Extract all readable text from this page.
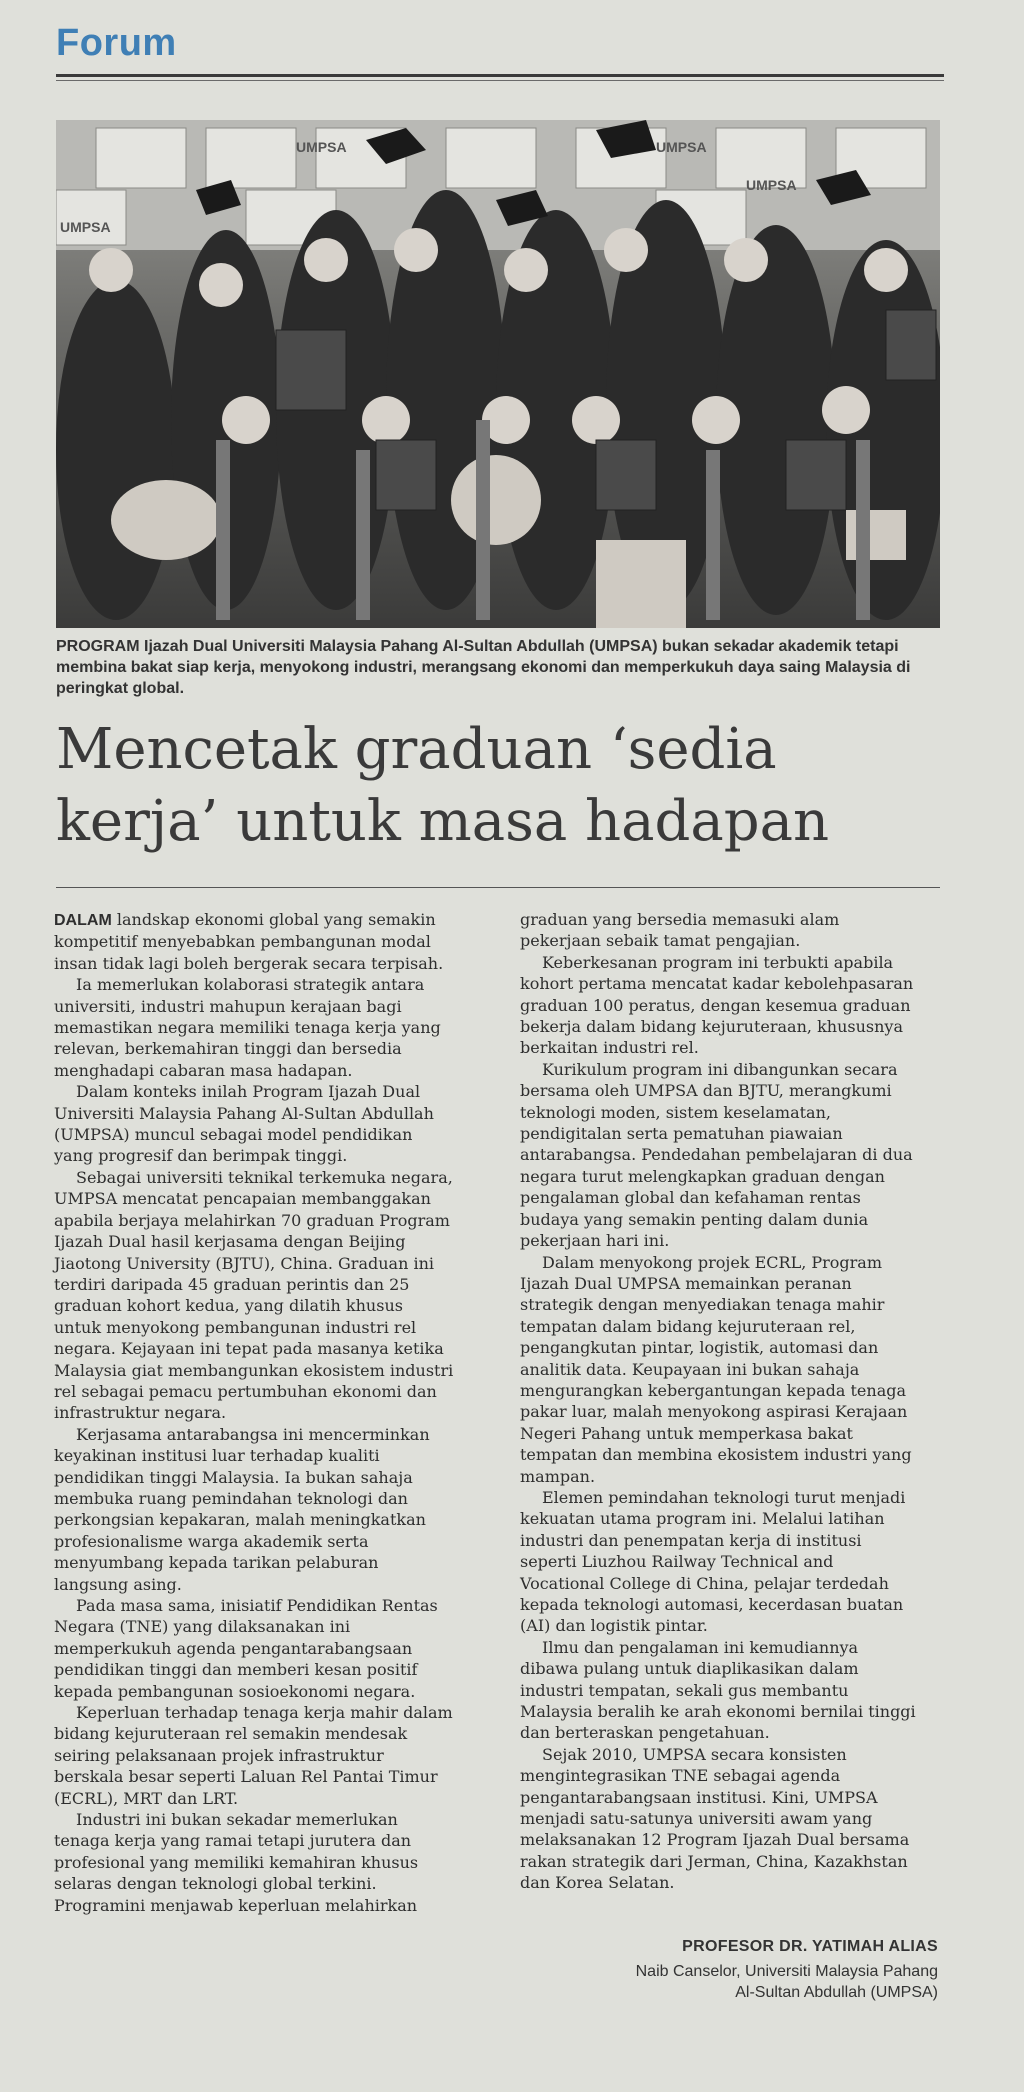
Forum
UMPSA	UMPSA
UMPSA
UMPSA
PROGRAM Ijazah Dual Universiti Malaysia Pahang Al-Sultan Abdullah (UMPSA) bukan sekadar akademik tetapi membina bakat siap kerja, menyokong industri, merangsang ekonomi dan memperkukuh daya saing Malaysia di peringkat global.
Mencetak graduan ‘sedia kerja’ untuk masa hadapan

DALAM landskap ekonomi global yang semakin kompetitif menyebabkan pembangunan modal insan tidak lagi boleh bergerak secara terpisah.

Ia memerlukan kolaborasi strategik antara universiti, industri mahupun kerajaan bagi memastikan negara memiliki tenaga kerja yang relevan, berkemahiran tinggi dan bersedia menghadapi cabaran masa hadapan.

Dalam konteks inilah Program Ijazah Dual Universiti Malaysia Pahang Al-Sultan Abdullah (UMPSA) muncul sebagai model pendidikan yang progresif dan berimpak tinggi.

Sebagai universiti teknikal terkemuka negara, UMPSA mencatat pencapaian membanggakan apabila berjaya melahirkan 70 graduan Program Ijazah Dual hasil kerjasama dengan Beijing Jiaotong University (BJTU), China. Graduan ini terdiri daripada 45 graduan perintis dan 25 graduan kohort kedua, yang dilatih khusus untuk menyokong pembangunan industri rel negara. Kejayaan ini tepat pada masanya ketika Malaysia giat membangunkan ekosistem industri rel sebagai pemacu pertumbuhan ekonomi dan infrastruktur negara.

Kerjasama antarabangsa ini mencerminkan keyakinan institusi luar terhadap kualiti pendidikan tinggi Malaysia. Ia bukan sahaja membuka ruang pemindahan teknologi dan perkongsian kepakaran, malah meningkatkan profesionalisme warga akademik serta menyumbang kepada tarikan pelaburan langsung asing.

Pada masa sama, inisiatif Pendidikan Rentas Negara (TNE) yang dilaksanakan ini memperkukuh agenda pengantarabangsaan pendidikan tinggi dan memberi kesan positif kepada pembangunan sosioekonomi negara.

Keperluan terhadap tenaga kerja mahir dalam bidang kejuruteraan rel semakin mendesak seiring pelaksanaan projek infrastruktur berskala besar seperti Laluan Rel Pantai Timur (ECRL), MRT dan LRT.

Industri ini bukan sekadar memerlukan tenaga kerja yang ramai tetapi jurutera dan profesional yang memiliki kemahiran khusus selaras dengan teknologi global terkini. Programini menjawab keperluan melahirkan

graduan yang bersedia memasuki alam pekerjaan sebaik tamat pengajian.

Keberkesanan program ini terbukti apabila kohort pertama mencatat kadar kebolehpasaran graduan 100 peratus, dengan kesemua graduan bekerja dalam bidang kejuruteraan, khususnya berkaitan industri rel.

Kurikulum program ini dibangunkan secara bersama oleh UMPSA dan BJTU, merangkumi teknologi moden, sistem keselamatan, pendigitalan serta pematuhan piawaian antarabangsa. Pendedahan pembelajaran di dua negara turut melengkapkan graduan dengan pengalaman global dan kefahaman rentas budaya yang semakin penting dalam dunia pekerjaan hari ini.

Dalam menyokong projek ECRL, Program Ijazah Dual UMPSA memainkan peranan strategik dengan menyediakan tenaga mahir tempatan dalam bidang kejuruteraan rel, pengangkutan pintar, logistik, automasi dan analitik data. Keupayaan ini bukan sahaja mengurangkan kebergantungan kepada tenaga pakar luar, malah menyokong aspirasi Kerajaan Negeri Pahang untuk memperkasa bakat tempatan dan membina ekosistem industri yang mampan.

Elemen pemindahan teknologi turut menjadi kekuatan utama program ini. Melalui latihan industri dan penempatan kerja di institusi seperti Liuzhou Railway Technical and Vocational College di China, pelajar terdedah kepada teknologi automasi, kecerdasan buatan (AI) dan logistik pintar.

Ilmu dan pengalaman ini kemudiannya dibawa pulang untuk diaplikasikan dalam industri tempatan, sekali gus membantu Malaysia beralih ke arah ekonomi bernilai tinggi dan berteraskan pengetahuan.

Sejak 2010, UMPSA secara konsisten mengintegrasikan TNE sebagai agenda pengantarabangsaan institusi. Kini, UMPSA menjadi satu-satunya universiti awam yang melaksanakan 12 Program Ijazah Dual bersama rakan strategik dari Jerman, China, Kazakhstan dan Korea Selatan.

PROFESOR DR. YATIMAH ALIAS
Naib Canselor, Universiti Malaysia Pahang
Al-Sultan Abdullah (UMPSA)
